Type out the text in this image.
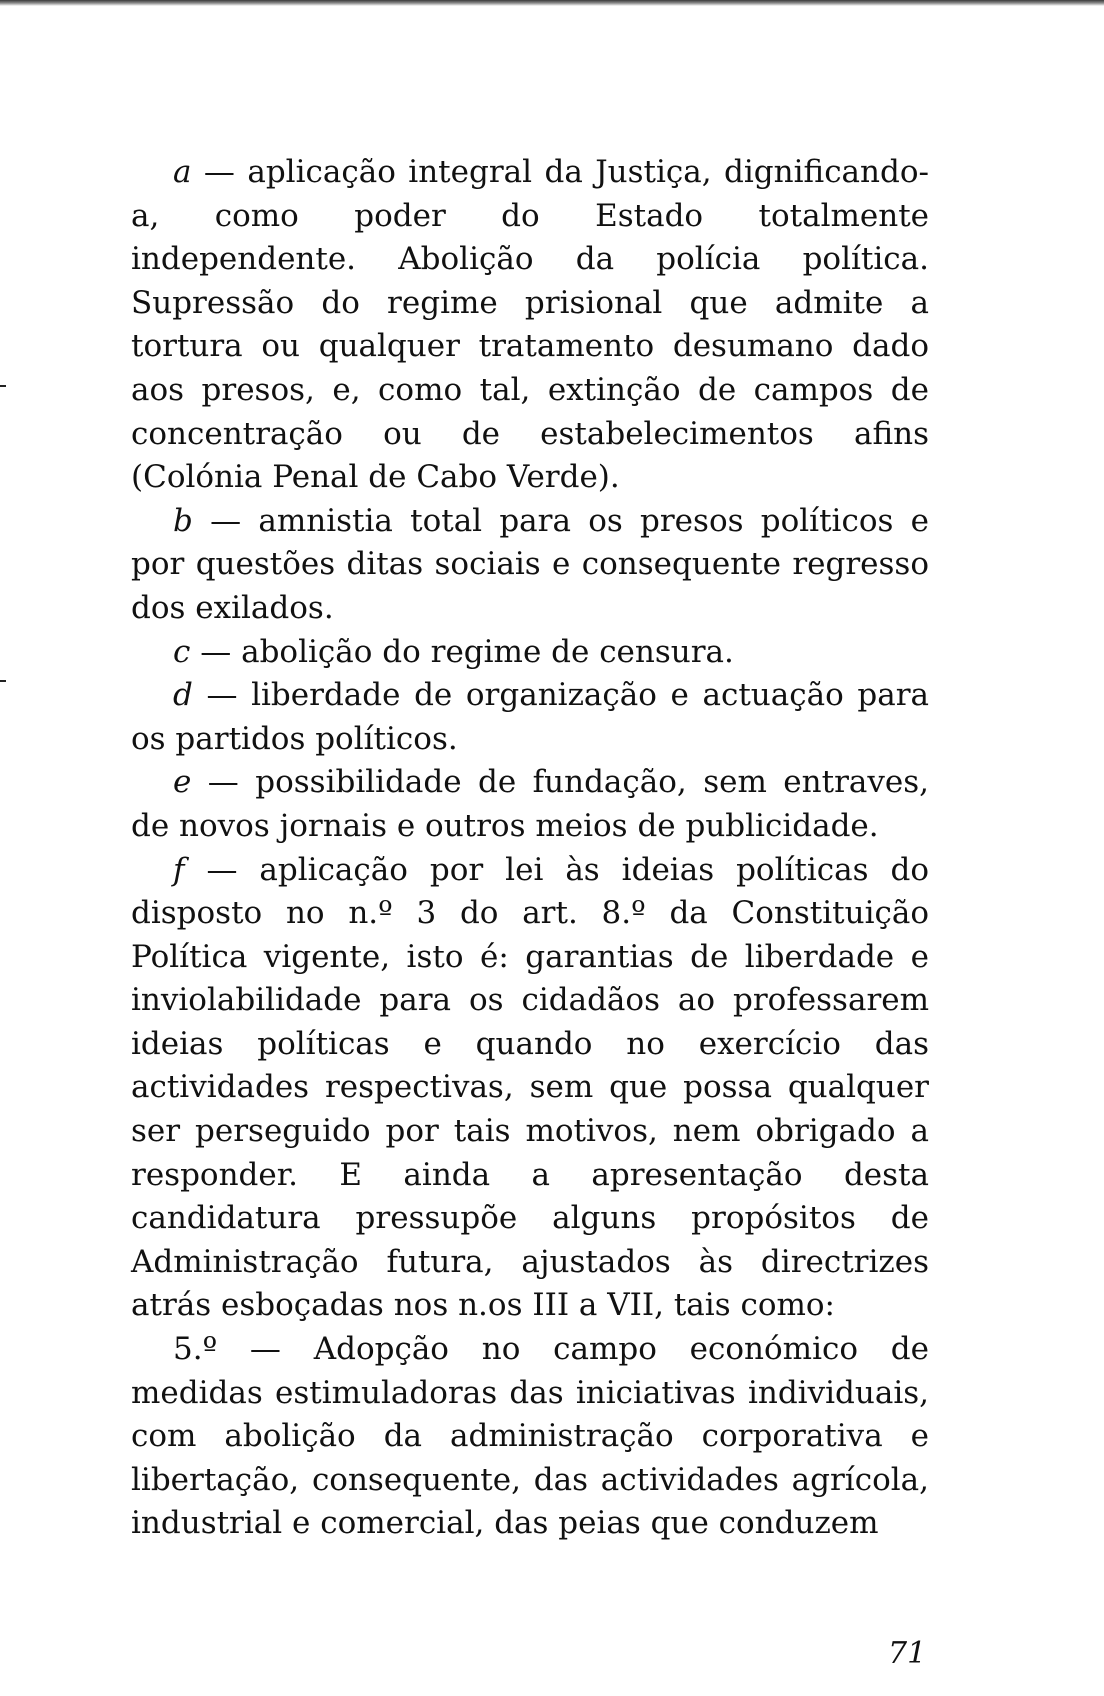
a — aplicação integral da Justiça, dignificando-a, como poder do Estado totalmente independente. Abolição da polícia política. Supressão do regime prisional que admite a tortura ou qualquer tratamento desumano dado aos presos, e, como tal, extinção de campos de concentração ou de estabelecimentos afins (Colónia Penal de Cabo Verde).

b — amnistia total para os presos políticos e por questões ditas sociais e consequente regresso dos exilados.

c — abolição do regime de censura.

d — liberdade de organização e actuação para os partidos políticos.

e — possibilidade de fundação, sem entraves, de novos jornais e outros meios de publicidade.

f — aplicação por lei às ideias políticas do disposto no n.º 3 do art. 8.º da Constituição Política vigente, isto é: garantias de liberdade e inviolabilidade para os cidadãos ao professarem ideias políticas e quando no exercício das actividades respectivas, sem que possa qualquer ser perseguido por tais motivos, nem obrigado a responder. E ainda a apresentação desta candidatura pressupõe alguns propósitos de Administração futura, ajustados às directrizes atrás esboçadas nos n.os III a VII, tais como:

5.º — Adopção no campo económico de medidas estimuladoras das iniciativas individuais, com abolição da administração corporativa e libertação, consequente, das actividades agrícola, industrial e comercial, das peias que conduzem

71
